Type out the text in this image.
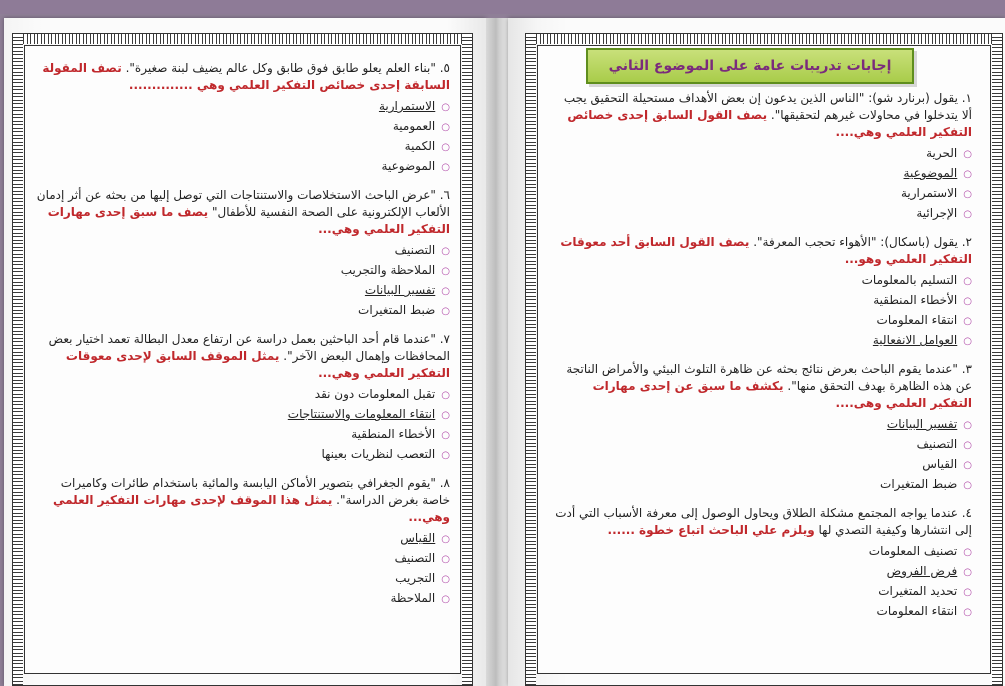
إجابات تدريبات عامة على الموضوع الثاني

١. يقول (برنارد شو): "الناس الذين يدعون إن بعض الأهداف مستحيلة التحقيق يجب ألا يتدخلوا في محاولات غيرهم لتحقيقها". يصف القول السابق إحدى خصائص التفكير العلمي وهي....

○الحرية
○الموضوعية
○الاستمرارية
○الإجرائية

٢. يقول (باسكال): "الأهواء تحجب المعرفة". يصف القول السابق أحد معوقات التفكير العلمي وهو...

○التسليم بالمعلومات
○الأخطاء المنطقية
○انتقاء المعلومات
○العوامل الانفعالية

٣. "عندما يقوم الباحث بعرض نتائج بحثه عن ظاهرة التلوث البيئي والأمراض الناتجة عن هذه الظاهرة بهدف التحقق منها". يكشف ما سبق عن إحدى مهارات التفكير العلمي وهى....

○تفسير البيانات
○التصنيف
○القياس
○ضبط المتغيرات

٤. عندما يواجه المجتمع مشكلة الطلاق ويحاول الوصول إلى معرفة الأسباب التي أدت إلى انتشارها وكيفية التصدي لها ويلزم علي الباحث اتباع خطوة ......

○تصنيف المعلومات
○فرض الفروض
○تحديد المتغيرات
○انتقاء المعلومات

٥. "بناء العلم يعلو طابق فوق طابق وكل عالم يضيف لبنة صغيرة". تصف المقولة السابقة إحدى خصائص التفكير العلمي وهي ..............

○الاستمرارية
○العمومية
○الكمية
○الموضوعية

٦. "عرض الباحث الاستخلاصات والاستنتاجات التي توصل إليها من بحثه عن أثر إدمان الألعاب الإلكترونية على الصحة النفسية للأطفال" يصف ما سبق إحدى مهارات التفكير العلمي وهي...

○التصنيف
○الملاحظة والتجريب
○تفسير البيانات
○ضبط المتغيرات

٧. "عندما قام أحد الباحثين بعمل دراسة عن ارتفاع معدل البطالة تعمد اختيار بعض المحافظات وإهمال البعض الآخر". يمثل الموقف السابق لإحدى معوقات التفكير العلمي وهي...

○تقبل المعلومات دون نقد
○انتقاء المعلومات والاستنتاجات
○الأخطاء المنطقية
○التعصب لنظريات بعينها

٨. "يقوم الجغرافي بتصوير الأماكن اليابسة والمائية باستخدام طائرات وكاميرات خاصة بغرض الدراسة". يمثل هذا الموقف لإحدى مهارات التفكير العلمي وهي...

○القياس
○التصنيف
○التجريب
○الملاحظة
